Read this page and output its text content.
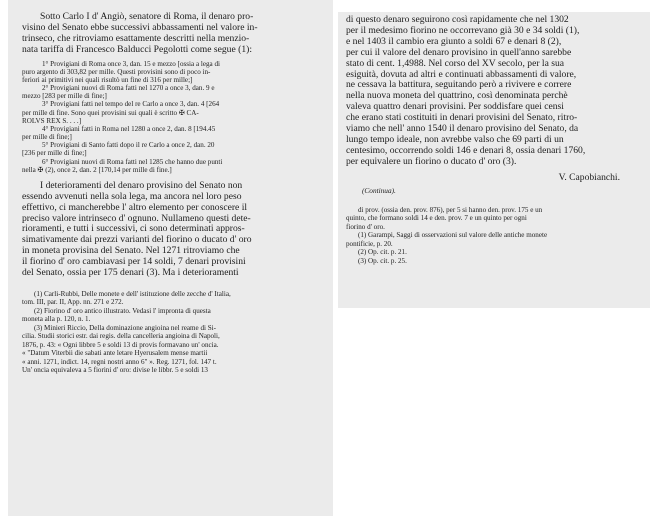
Sotto Carlo I d' Angiò, senatore di Roma, il denaro pro-
visino del Senato ebbe successivi abbassamenti nel valore in-
trinseco, che ritroviamo esattamente descritti nella menzio-
nata tariffa di Francesco Balducci Pegolotti come segue (1):
1° Provigiani di Roma once 3, dan. 15 e mezzo [ossia a lega di
puro argento di 303,82 per mille. Questi provisini sono di poco in-
feriori ai primitivi nei quali risultò un fine di 316 per mille;]
2° Provigiani nuovi di Roma fatti nel 1270 a once 3, dan. 9 e
mezzo [283 per mille di fine;]
3° Provigiani fatti nel tempo del re Carlo a once 3, dan. 4 [264
per mille di fine. Sono quei provisini sui quali è scritto ✠ CA-
ROLVS REX S. . . .]
4° Provigiani fatti in Roma nel 1280 a once 2, dan. 8 [194.45
per mille di fine;]
5° Provigiani di Santo fatti dopo il re Carlo a once 2, dan. 20
[236 per mille di fine;]
6° Provigiani nuovi di Roma fatti nel 1285 che hanno due punti
nella ✠ (2), once 2, dan. 2 [170,14 per mille di fine.]
I deterioramenti del denaro provisino del Senato non
essendo avvenuti nella sola lega, ma ancora nel loro peso
effettivo, ci mancherebbe l' altro elemento per conoscere il
preciso valore intrinseco d' ognuno. Nullameno questi dete-
rioramenti, e tutti i successivi, ci sono determinati appros-
simativamente dai prezzi varianti del fiorino o ducato d' oro
in moneta provisina del Senato. Nel 1271 ritroviamo che
il fiorino d' oro cambiavasi per 14 soldi, 7 denari provisini
del Senato, ossia per 175 denari (3). Ma i deterioramenti
(1) Carli-Rubbi, Delle monete e dell' istituzione delle zecche d' Italia,
tom. III, par. II, App. nn. 271 e 272.
(2) Fiorino d' oro antico illustrato. Vedasi l' impronta di questa
moneta alla p. 120, n. 1.
(3) Minieri Riccio, Della dominazione angioina nel reame di Si-
cilia. Studii storici estr. dai regis. della cancelleria angioina di Napoli,
1876, p. 43: « Ogni libbre 5 e soldi 13 di provis formavano un' oncia.
« "Datum Viterbii die sabati ante letare Hyerusalem mense martii
« anni. 1271, indict. 14, regni nostri anno 6" ». Reg. 1271, fol. 147 t.
Un' oncia equivaleva a 5 fiorini d' oro: divise le libbr. 5 e soldi 13
di questo denaro seguirono così rapidamente che nel 1302
per il medesimo fiorino ne occorrevano già 30 e 34 soldi (1),
e nel 1403 il cambio era giunto a soldi 67 e denari 8 (2),
per cui il valore del denaro provisino in quell'anno sarebbe
stato di cent. 1,4988. Nel corso del XV secolo, per la sua
esiguità, dovuta ad altri e continuati abbassamenti di valore,
ne cessava la battitura, seguitando però a rivivere e correre
nella nuova moneta del quattrino, così denominata perchè
valeva quattro denari provisini. Per soddisfare quei censi
che erano stati costituiti in denari provisini del Senato, ritro-
viamo che nell' anno 1540 il denaro provisino del Senato, da
lungo tempo ideale, non avrebbe valso che 69 parti di un
centesimo, occorrendo soldi 146 e denari 8, ossia denari 1760,
per equivalere un fiorino o ducato d' oro (3).
V. Capobianchi.
(Continua).
di prov. (ossia den. prov. 876), per 5 si hanno den. prov. 175 e un
quinto, che formano soldi 14 e den. prov. 7 e un quinto per ogni
fiorino d' oro.
(1) Garampi, Saggi di osservazioni sul valore delle antiche monete
pontificie, p. 20.
(2) Op. cit. p. 21.
(3) Op. cit. p. 25.
